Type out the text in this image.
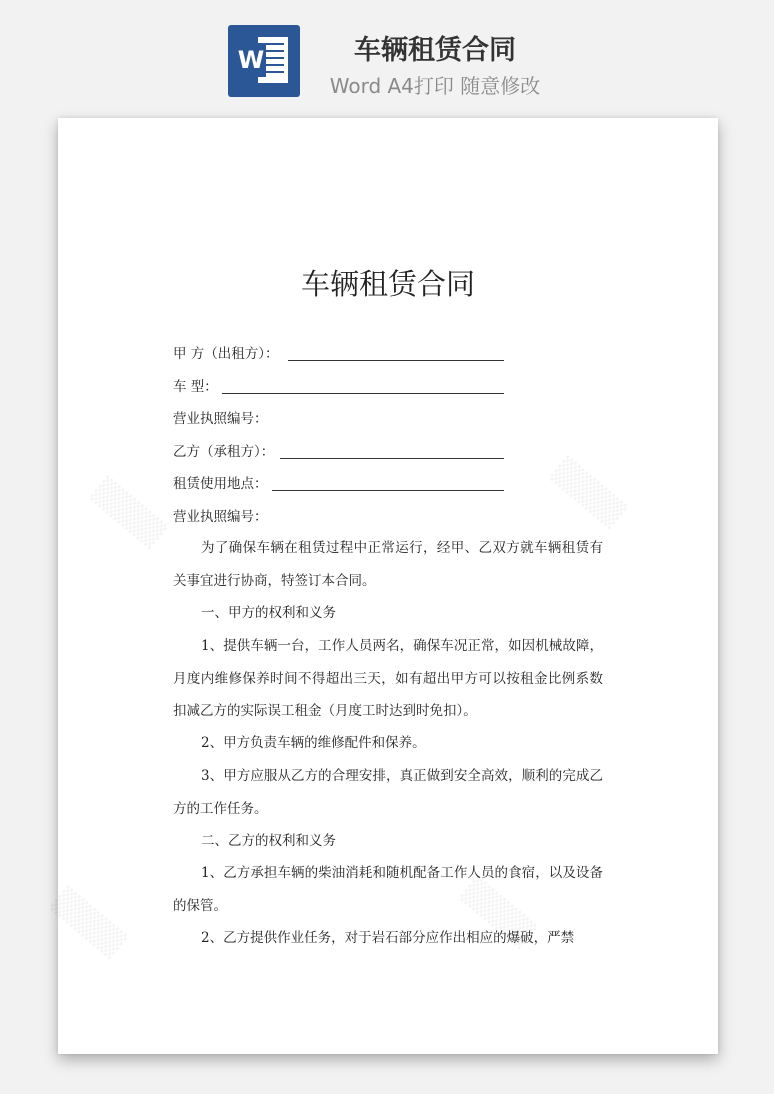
W	车辆租赁合同
Word A4打印 随意修改
车辆租赁合同
甲 方（出租方）：
车 型：
营业执照编号：
乙方（承租方）：
租赁使用地点：
营业执照编号：
为了确保车辆在租赁过程中正常运行，经甲、乙双方就车辆租赁有关事宜进行协商，特签订本合同。
一、甲方的权利和义务
1、提供车辆一台，工作人员两名，确保车况正常，如因机械故障，月度内维修保养时间不得超出三天，如有超出甲方可以按租金比例系数扣减乙方的实际误工租金（月度工时达到时免扣）。
2、甲方负责车辆的维修配件和保养。
3、甲方应服从乙方的合理安排，真正做到安全高效，顺利的完成乙方的工作任务。
二、乙方的权利和义务
1、乙方承担车辆的柴油消耗和随机配备工作人员的食宿，以及设备的保管。
2、乙方提供作业任务，对于岩石部分应作出相应的爆破，严禁
